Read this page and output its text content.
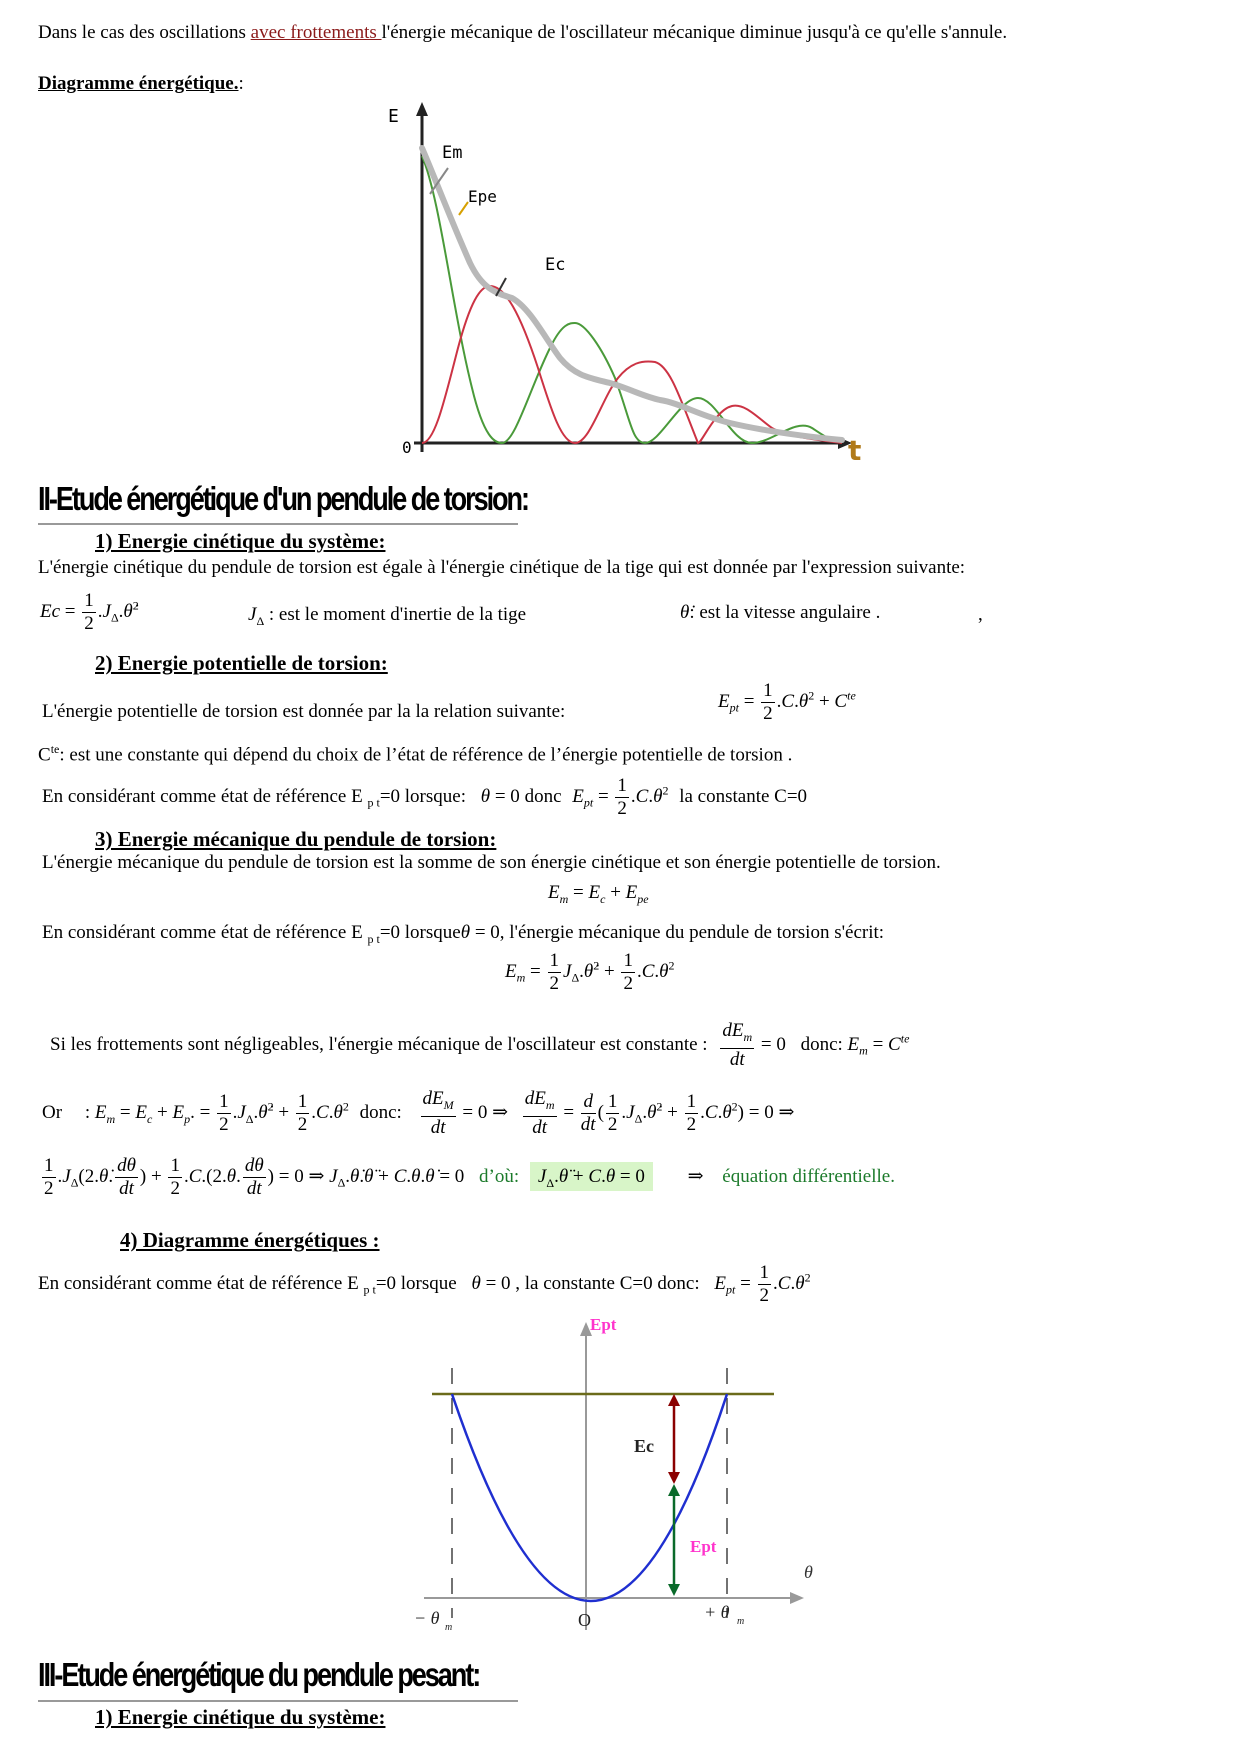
Dans le cas des oscillations avec frottements l'énergie mécanique de l'oscillateur mécanique diminue jusqu'à ce qu'elle s'annule.
Diagramme énergétique.:
E
0	t
Em
Epe
Ec
II-Etude énergétique d'un pendule de torsion:
1) Energie cinétique du système:
L'énergie cinétique du pendule de torsion est égale à l'énergie cinétique de la tige qui est donnée par l'expression suivante:
$Ec = \frac{1}{2}$ $.J_\Delta.\thetȧ^2$	$J_\Delta$ : est le moment d'inertie de la tige	θ̇: est la vitesse angulaire .	,
2) Energie potentielle de torsion:
L'énergie potentielle de torsion est donnée par la la relation suivante:	$E_{pt} = \frac{1}{2} .C.\theta^2 + C^{te}$
$C^{te}$: est une constante qui dépend du choix de l’état de référence de l’énergie potentielle de torsion .
En considérant comme état de référence E $_{p t}$=0 lorsque: θ = 0 donc $E_{pt} = \frac{1}{2} .C.\theta^2$ la constante C=0
3) Energie mécanique du pendule de torsion:
L'énergie mécanique du pendule de torsion est la somme de son énergie cinétique et son énergie potentielle de torsion.
$E_m = E_c + E_{pe}$
En considérant comme état de référence E $_{p t}$=0 lorsqueθ = 0, l'énergie mécanique du pendule de torsion s'écrit:
$E_m = \frac{1}{2}$ $J_\Delta.\thetȧ^2 + \frac{1}{2} .C.\theta^2$
Si les frottements sont négligeables, l'énergie mécanique de l'oscillateur est constante : $\frac{dE_m}{dt} = 0$ donc: $E_m = C^{te}$
Or : $E_m = E_c + E_p$. = $\frac{1}{2}$ $.J_\Delta.\thetȧ^2 + \frac{1}{2} .C.\theta^2$ donc: $\frac{dE_M}{dt} = 0$ ⇒ $\frac{dE_m}{dt} = \frac{d}{dt}$ ( $\frac{1}{2}$ $.J_\Delta.\thetȧ^2 + \frac{1}{2} .C.\theta^2) = 0$ ⇒
$\frac{1}{2}$ $.J_\Delta(2.\thetȧ$. $\frac{d\theta}{dt}$ ) + $\frac{1}{2} .C.(2.\theta$. $\frac{d\theta}{dt}$ ) = 0 ⇒ $J_\Delta.\thetȧ.\thetä$ + C.θ.θ̇ = 0 d’où: $J_\Delta.\thetä + C.\theta = 0$ ⇒ équation différentielle.
4) Diagramme énergétiques :
En considérant comme état de référence E $_{p t}$=0 lorsque θ = 0 , la constante C=0 donc: $E_{pt} = \frac{1}{2} .C.\theta^2$
Ept
Ec
Ept
θ
O
− θ m
+ θ m
III-Etude énergétique du pendule pesant:
1) Energie cinétique du système:
